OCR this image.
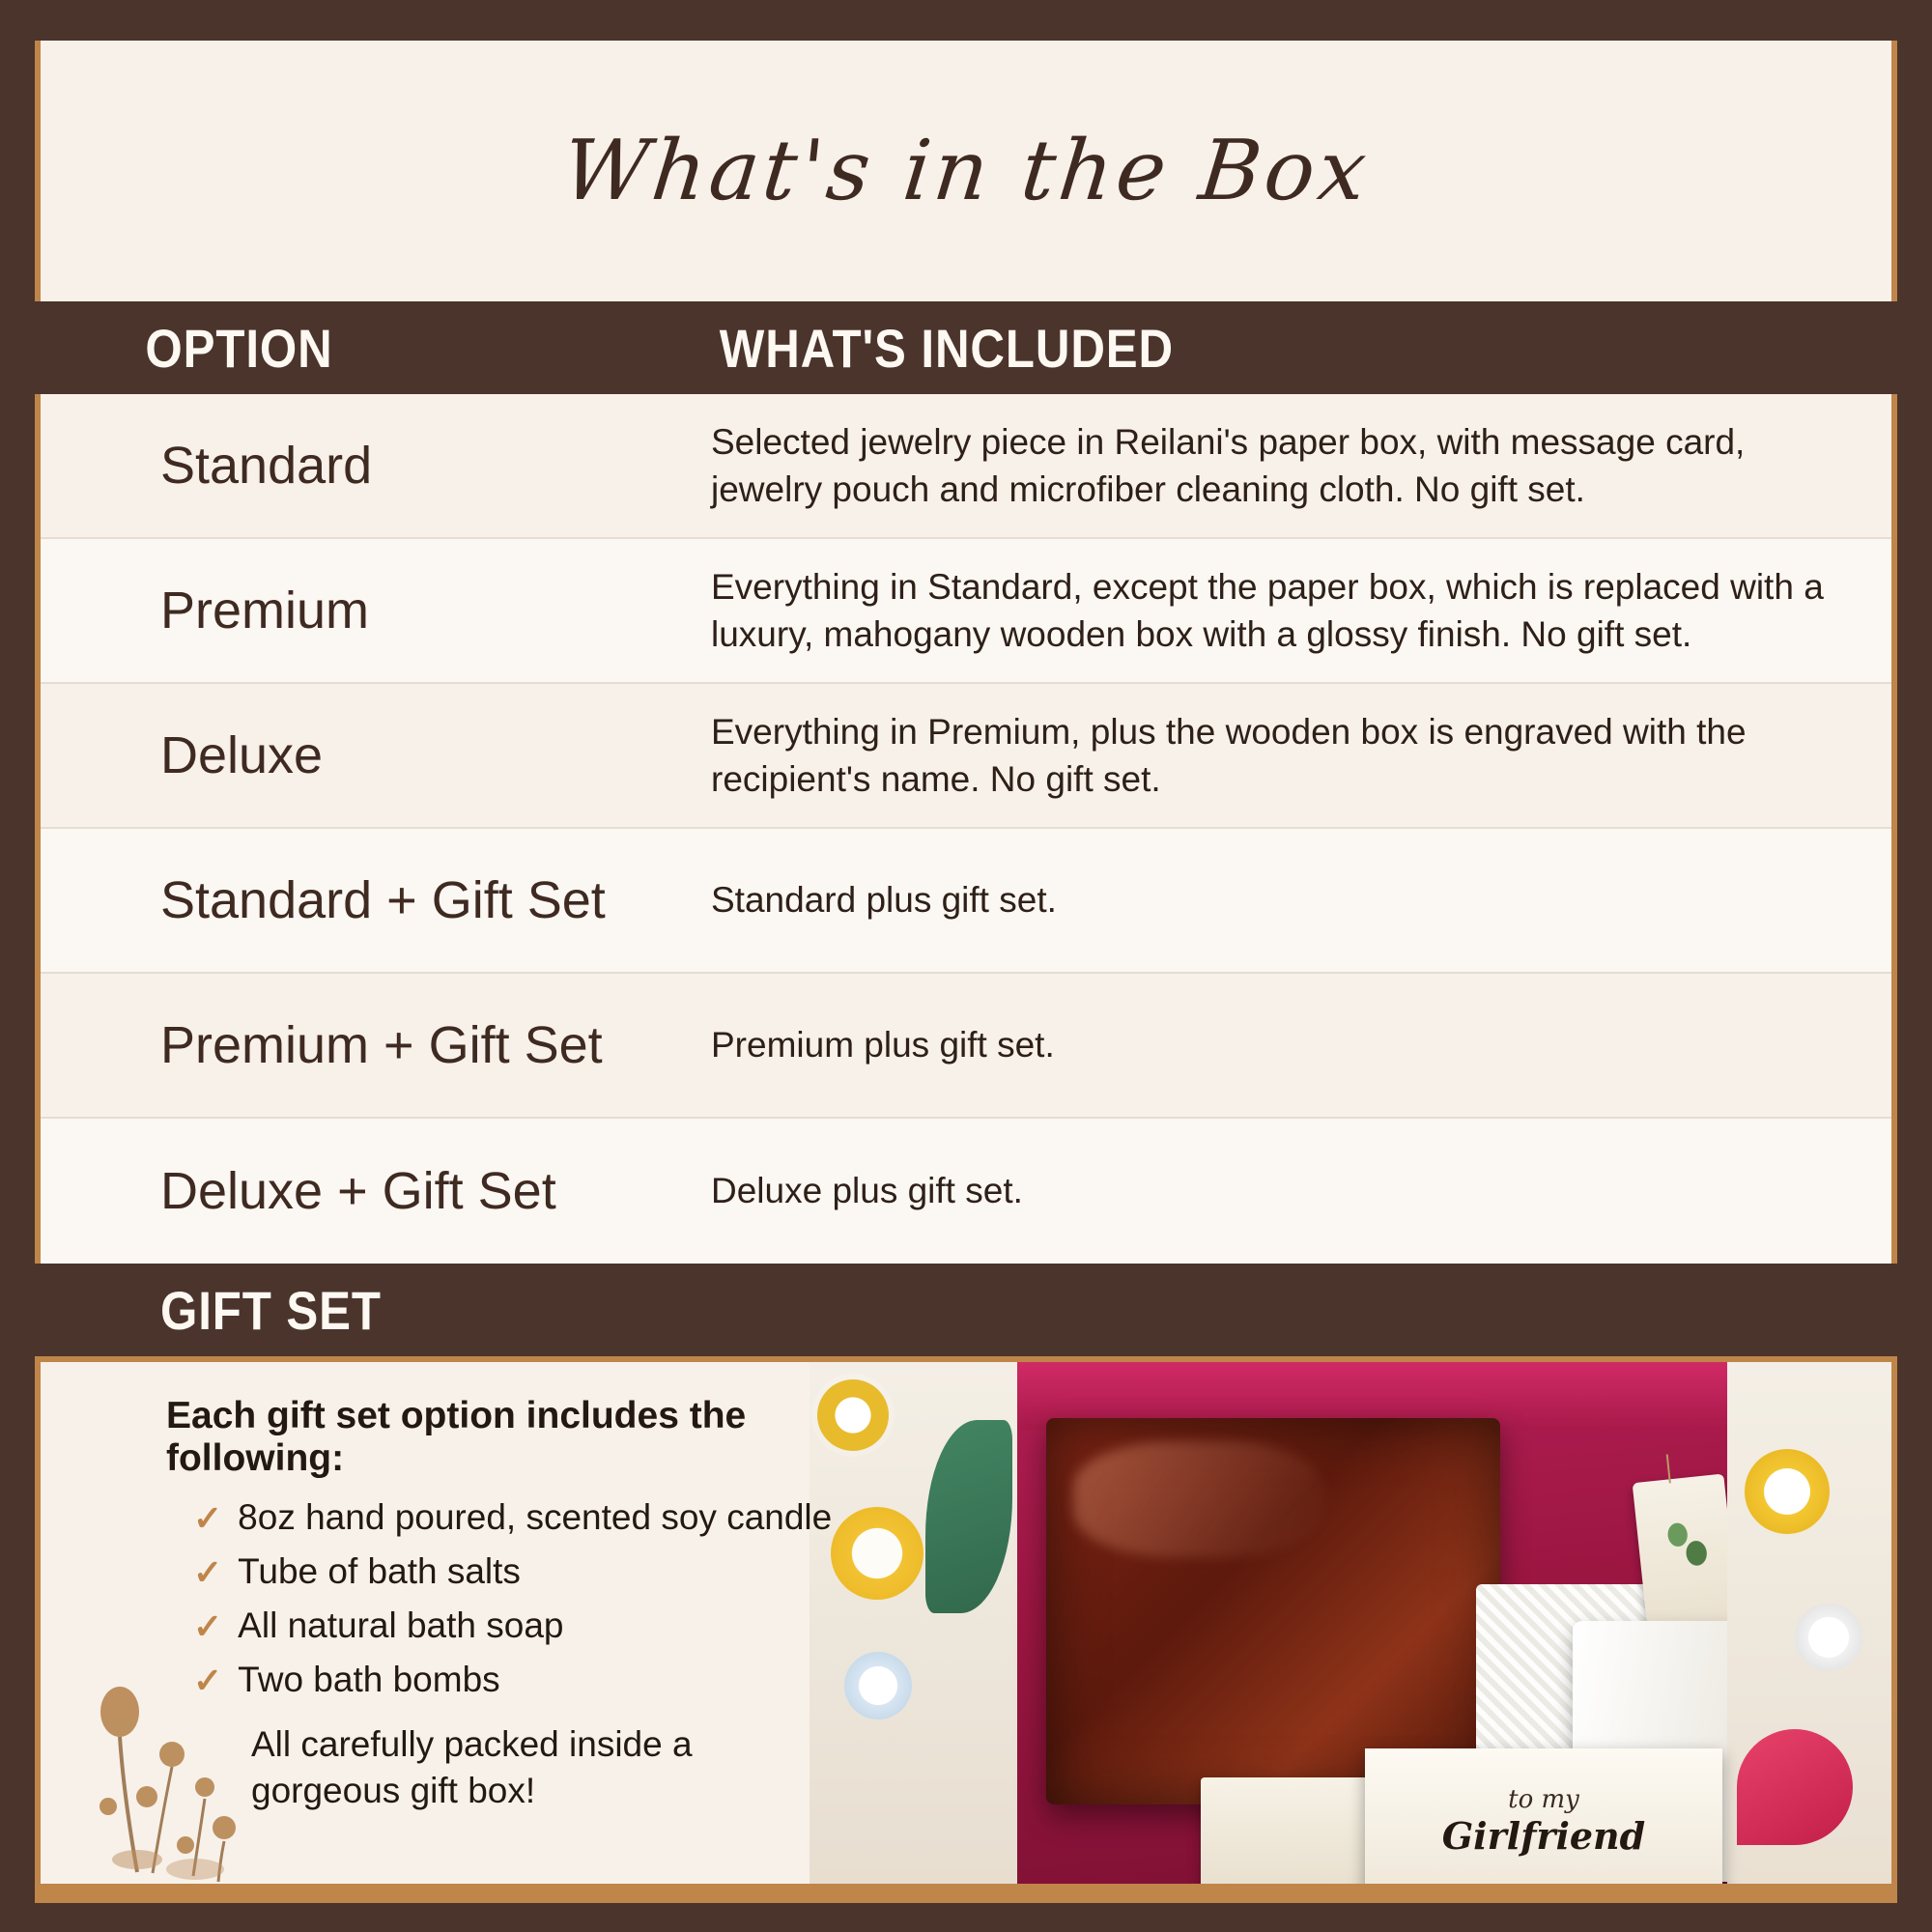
What's in the Box
OPTION	WHAT'S INCLUDED
Standard	Selected jewelry piece in Reilani's paper box, with message card, jewelry pouch and microfiber cleaning cloth. No gift set.
Premium	Everything in Standard, except the paper box, which is replaced with a luxury, mahogany wooden box with a glossy finish. No gift set.
Deluxe	Everything in Premium, plus the wooden box is engraved with the recipient's name. No gift set.
Standard + Gift Set	Standard plus gift set.
Premium + Gift Set	Premium plus gift set.
Deluxe + Gift Set	Deluxe plus gift set.
GIFT SET
Each gift set option includes the following:
✓ 8oz hand poured, scented soy candle
✓ Tube of bath salts
✓ All natural bath soap
✓ Two bath bombs
All carefully packed inside a gorgeous gift box!	to my
Girlfriend
